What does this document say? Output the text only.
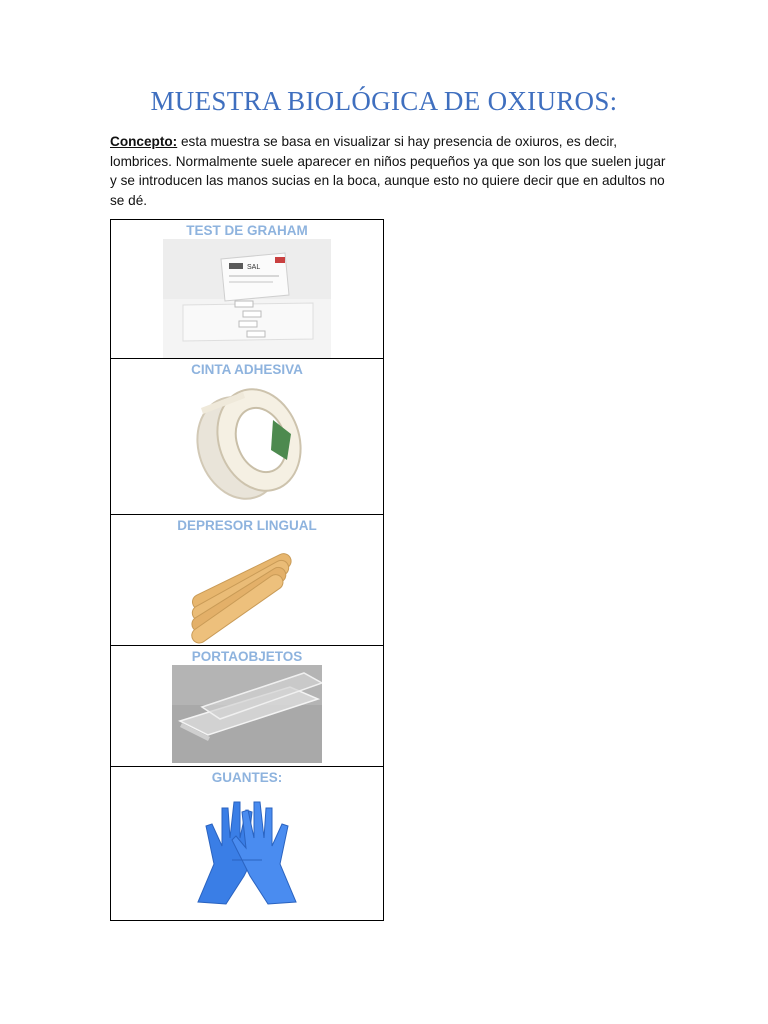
MUESTRA BIOLÓGICA DE OXIUROS:
Concepto: esta muestra se basa en visualizar si hay presencia de oxiuros, es decir, lombrices. Normalmente suele aparecer en niños pequeños ya que son los que suelen jugar y se introducen las manos sucias en la boca, aunque esto no quiere decir que en adultos no se dé.
TEST DE GRAHAM
SAL

CINTA ADHESIVA

DEPRESOR LINGUAL

PORTAOBJETOS

GUANTES:
